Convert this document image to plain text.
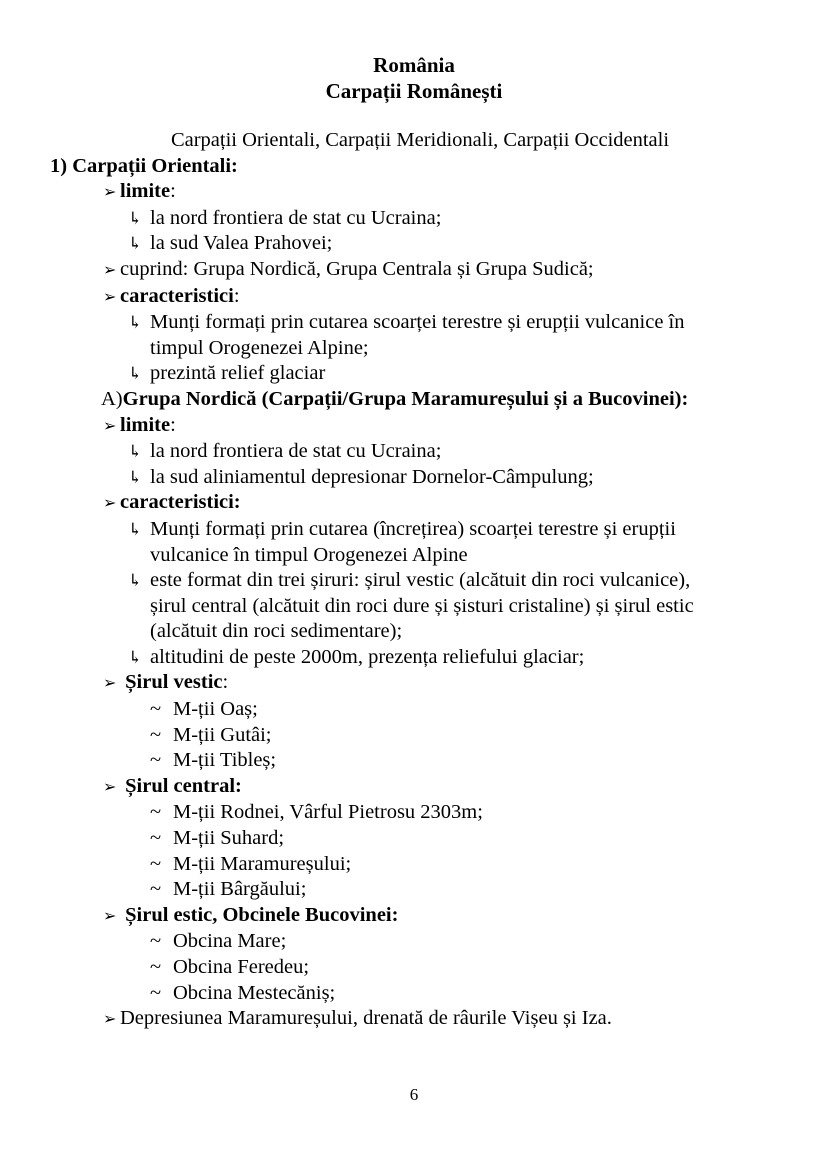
România
Carpații Românești
Carpații Orientali, Carpații Meridionali, Carpații Occidentali
1) Carpații Orientali:
➢ limite:
↳ la nord frontiera de stat cu Ucraina;
↳ la sud Valea Prahovei;
➢ cuprind: Grupa Nordică, Grupa Centrala și Grupa Sudică;
➢ caracteristici:
↳ Munți formați prin cutarea scoarței terestre și erupții vulcanice în
timpul Orogenezei Alpine;
↳ prezintă relief glaciar
A)Grupa Nordică (Carpații/Grupa Maramureșului și a Bucovinei):
➢ limite:
↳ la nord frontiera de stat cu Ucraina;
↳ la sud aliniamentul depresionar Dornelor-Câmpulung;
➢ caracteristici:
↳ Munți formați prin cutarea (încrețirea) scoarței terestre și erupții
vulcanice în timpul Orogenezei Alpine
↳ este format din trei șiruri: șirul vestic (alcătuit din roci vulcanice),
șirul central (alcătuit din roci dure și șisturi cristaline) și șirul estic
(alcătuit din roci sedimentare);
↳ altitudini de peste 2000m, prezența reliefului glaciar;
➢ Șirul vestic:
~ M-ții Oaș;
~ M-ții Gutâi;
~ M-ții Tibleș;
➢ Șirul central:
~ M-ții Rodnei, Vârful Pietrosu 2303m;
~ M-ții Suhard;
~ M-ții Maramureșului;
~ M-ții Bârgăului;
➢ Șirul estic, Obcinele Bucovinei:
~ Obcina Mare;
~ Obcina Feredeu;
~ Obcina Mestecăniș;
➢ Depresiunea Maramureșului, drenată de râurile Vișeu și Iza.
6
